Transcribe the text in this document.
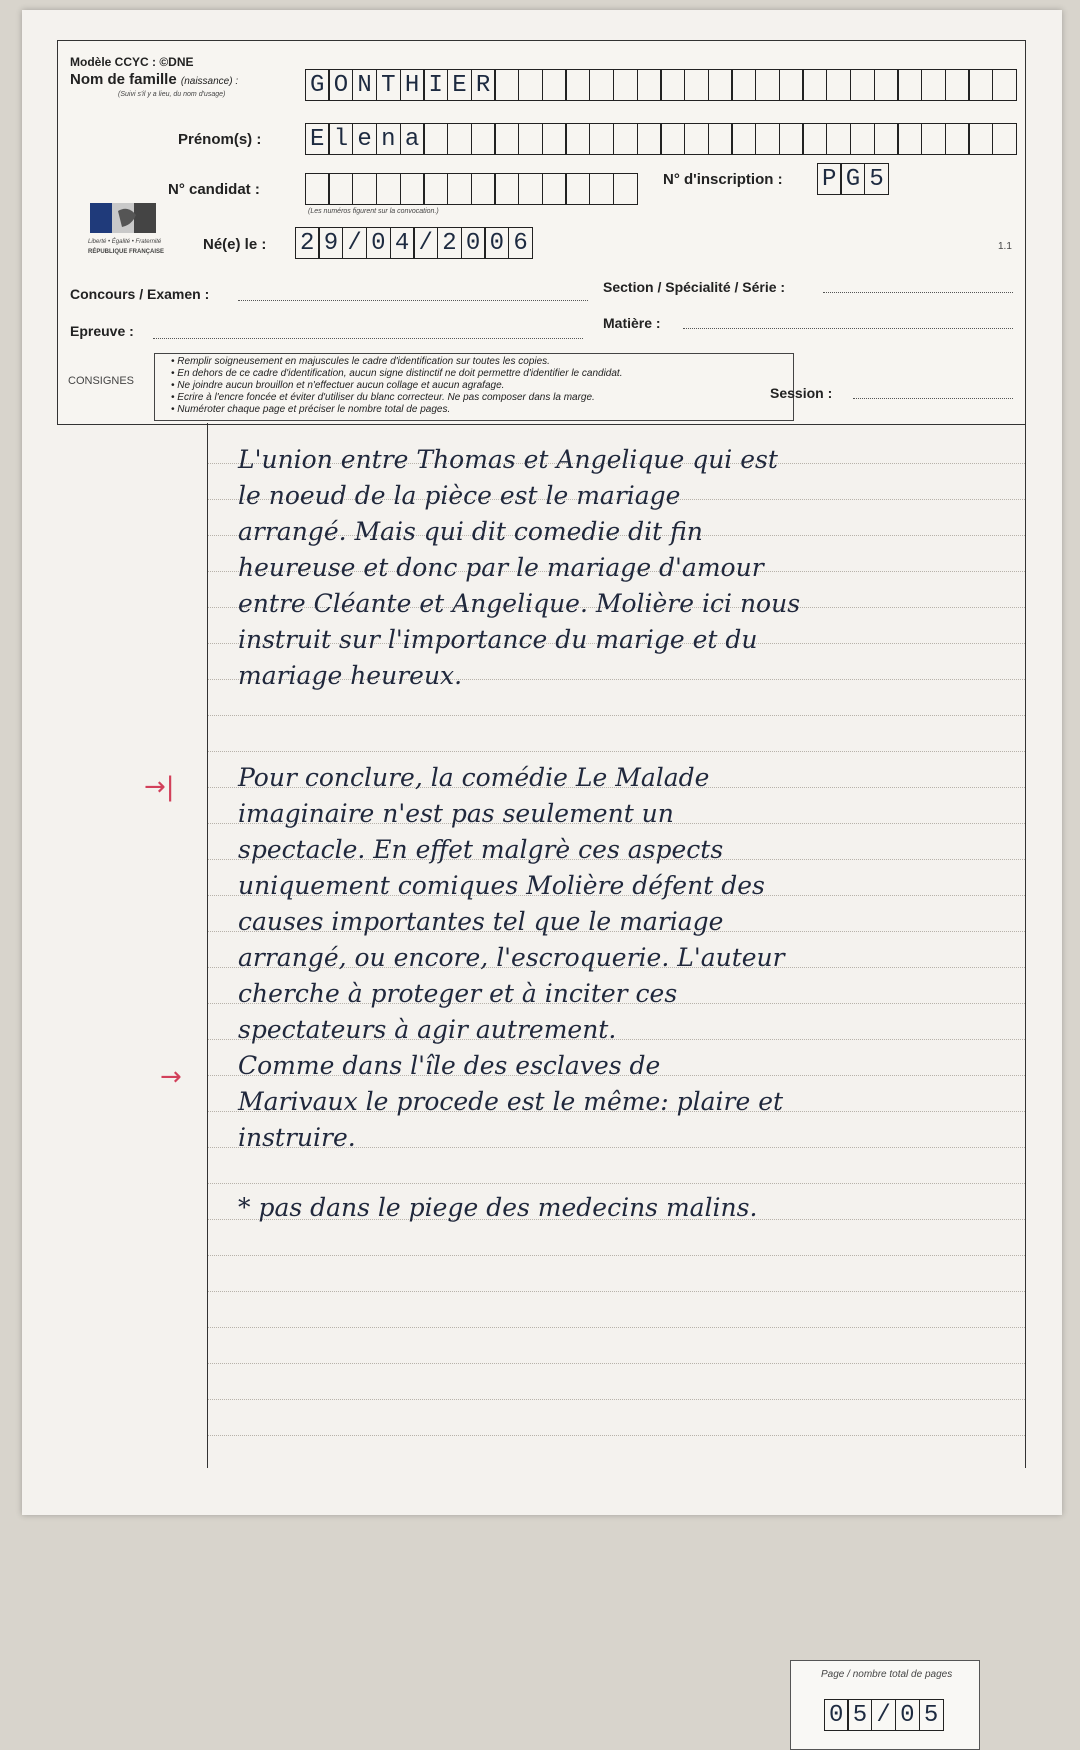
Modèle CCYC : ©DNE
Nom de famille (naissance) :
(Suivi s'il y a lieu, du nom d'usage)	G O N T H I E R
Prénom(s) : E l e n a
N° candidat :
(Les numéros figurent sur la convocation.)
N° d'inscription : P G 5
Liberté • Égalité • Fraternité
RÉPUBLIQUE FRANÇAISE	Né(e) le : 2 9 / 0 4 / 2 0 0 6	1.1
Concours / Examen :	Section / Spécialité / Série :
Epreuve :	Matière :
CONSIGNES
• Remplir soigneusement en majuscules le cadre d'identification sur toutes les copies.
• En dehors de ce cadre d'identification, aucun signe distinctif ne doit permettre d'identifier le candidat.
• Ne joindre aucun brouillon et n'effectuer aucun collage et aucun agrafage.
• Ecrire à l'encre foncée et éviter d'utiliser du blanc correcteur. Ne pas composer dans la marge.
• Numéroter chaque page et préciser le nombre total de pages.
Session :
L'union entre Thomas et Angelique qui est
le noeud de la pièce est le mariage
arrangé. Mais qui dit comedie dit fin
heureuse et donc par le mariage d'amour
entre Cléante et Angelique. Molière ici nous
instruit sur l'importance du marige et du
mariage heureux.
Pour conclure, la comédie Le Malade
imaginaire n'est pas seulement un
spectacle. En effet malgrè ces aspects
uniquement comiques Molière défent des
causes importantes tel que le mariage
arrangé, ou encore, l'escroquerie. L'auteur
cherche à proteger et à inciter ces
spectateurs à agir autrement.
Comme dans l'île des esclaves de
Marivaux le procede est le même: plaire et
instruire.
* pas dans le piege des medecins malins.
→|
→
Page / nombre total de pages
0 5 / 0 5
